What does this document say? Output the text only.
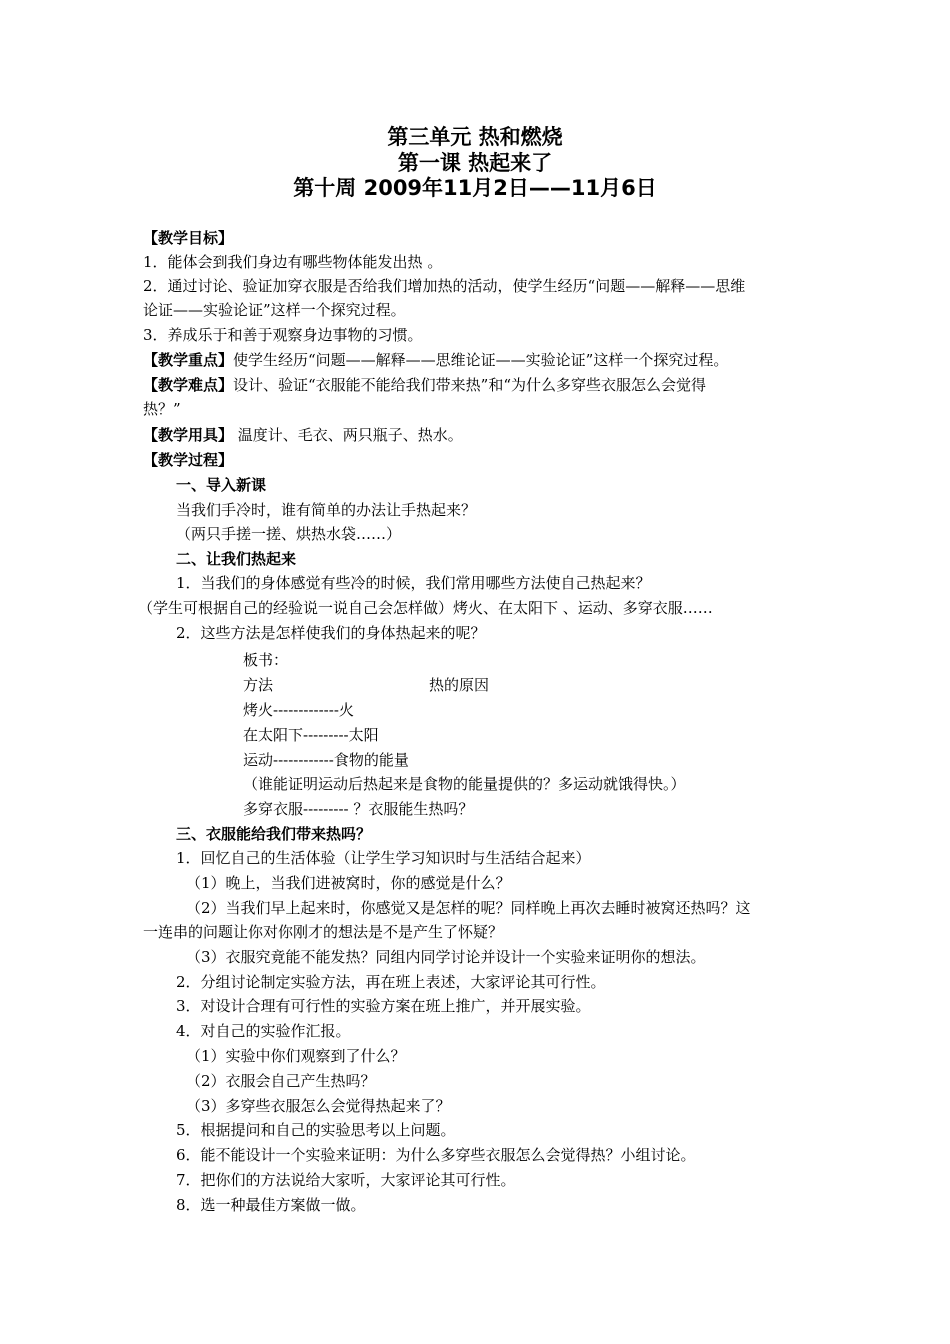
第三单元 热和燃烧
第一课 热起来了
第十周 2009年11月2日——11月6日
【教学目标】
1．能体会到我们身边有哪些物体能发出热 。
2．通过讨论、验证加穿衣服是否给我们增加热的活动，使学生经历“问题——解释——思维
论证——实验论证”这样一个探究过程。
3．养成乐于和善于观察身边事物的习惯。
【教学重点】使学生经历“问题——解释——思维论证——实验论证”这样一个探究过程。
【教学难点】设计、验证“衣服能不能给我们带来热”和“为什么多穿些衣服怎么会觉得
热？”
【教学用具】 温度计、毛衣、两只瓶子、热水。
【教学过程】
一、导入新课
当我们手冷时，谁有简单的办法让手热起来？
（两只手搓一搓、烘热水袋……）
二、让我们热起来
1．当我们的身体感觉有些冷的时候，我们常用哪些方法使自己热起来？
（学生可根据自己的经验说一说自己会怎样做）烤火、在太阳下 、运动、多穿衣服……
2．这些方法是怎样使我们的身体热起来的呢？
板书：
方法	热的原因
烤火-------------火
在太阳下---------太阳
运动------------食物的能量
（谁能证明运动后热起来是食物的能量提供的？多运动就饿得快。）
多穿衣服--------- ？衣服能生热吗？
三、衣服能给我们带来热吗？
1．回忆自己的生活体验（让学生学习知识时与生活结合起来）
（1）晚上，当我们进被窝时，你的感觉是什么？
（2）当我们早上起来时，你感觉又是怎样的呢？同样晚上再次去睡时被窝还热吗？这
一连串的问题让你对你刚才的想法是不是产生了怀疑？
（3）衣服究竟能不能发热？同组内同学讨论并设计一个实验来证明你的想法。
2．分组讨论制定实验方法，再在班上表述，大家评论其可行性。
3．对设计合理有可行性的实验方案在班上推广，并开展实验。
4．对自己的实验作汇报。
（1）实验中你们观察到了什么？
（2）衣服会自己产生热吗？
（3）多穿些衣服怎么会觉得热起来了？
5．根据提问和自己的实验思考以上问题。
6．能不能设计一个实验来证明：为什么多穿些衣服怎么会觉得热？小组讨论。
7．把你们的方法说给大家听，大家评论其可行性。
8．选一种最佳方案做一做。
